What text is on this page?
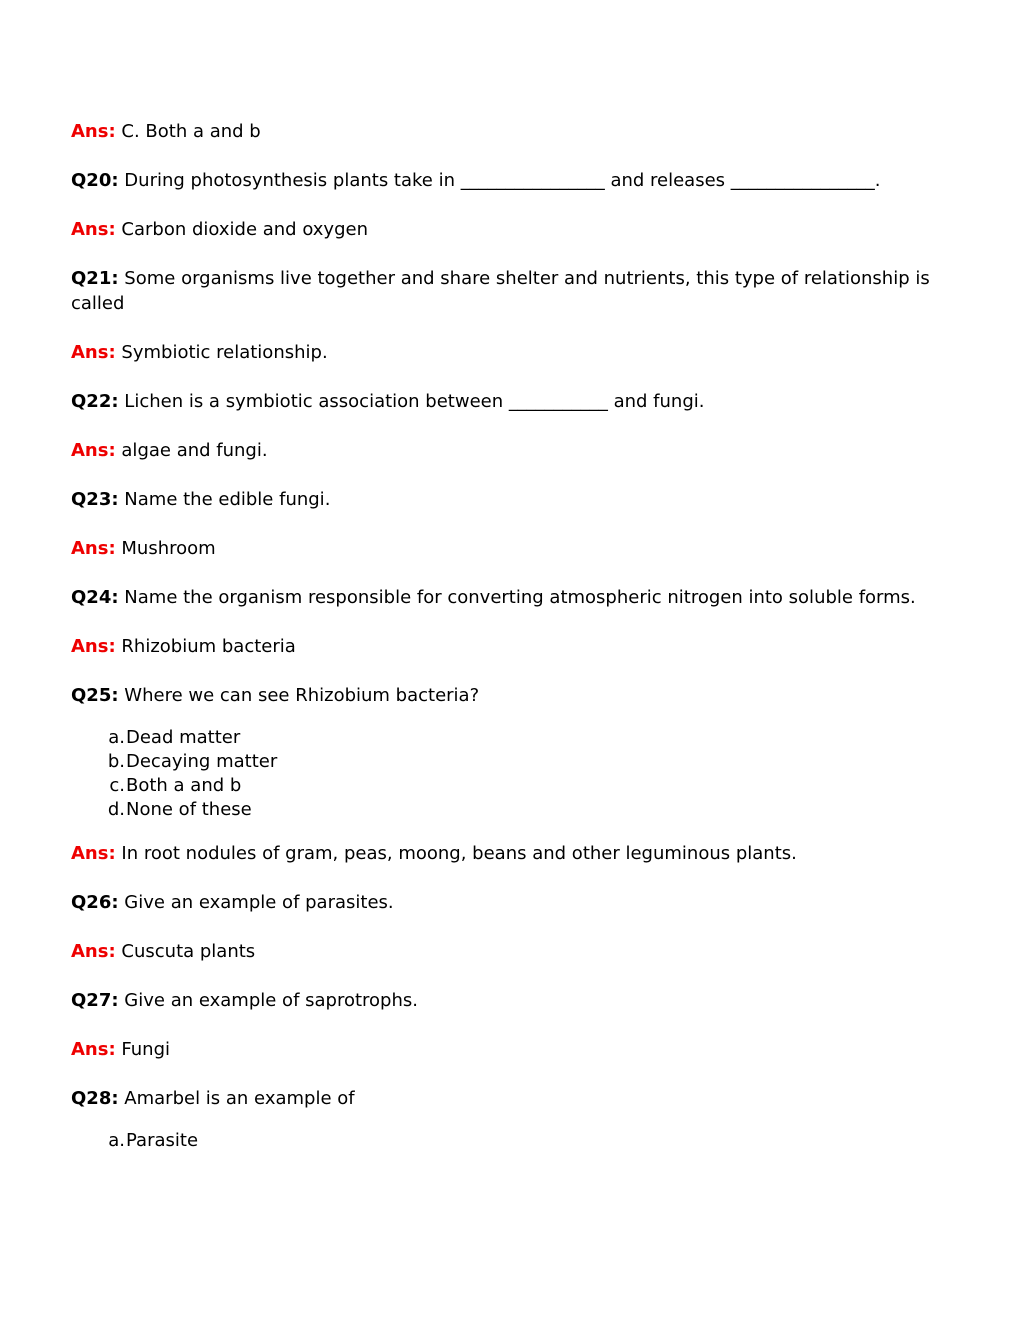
Ans: C. Both a and b

Q20: During photosynthesis plants take in ________________ and releases ________________.

Ans: Carbon dioxide and oxygen

Q21: Some organisms live together and share shelter and nutrients, this type of relationship is called

Ans: Symbiotic relationship.

Q22: Lichen is a symbiotic association between ___________ and fungi.

Ans: algae and fungi.

Q23: Name the edible fungi.

Ans: Mushroom

Q24: Name the organism responsible for converting atmospheric nitrogen into soluble forms.

Ans: Rhizobium bacteria

Q25: Where we can see Rhizobium bacteria?

a. Dead matter
b. Decaying matter
c. Both a and b
d. None of these

Ans: In root nodules of gram, peas, moong, beans and other leguminous plants.

Q26: Give an example of parasites.

Ans: Cuscuta plants

Q27: Give an example of saprotrophs.

Ans: Fungi

Q28: Amarbel is an example of

a. Parasite
